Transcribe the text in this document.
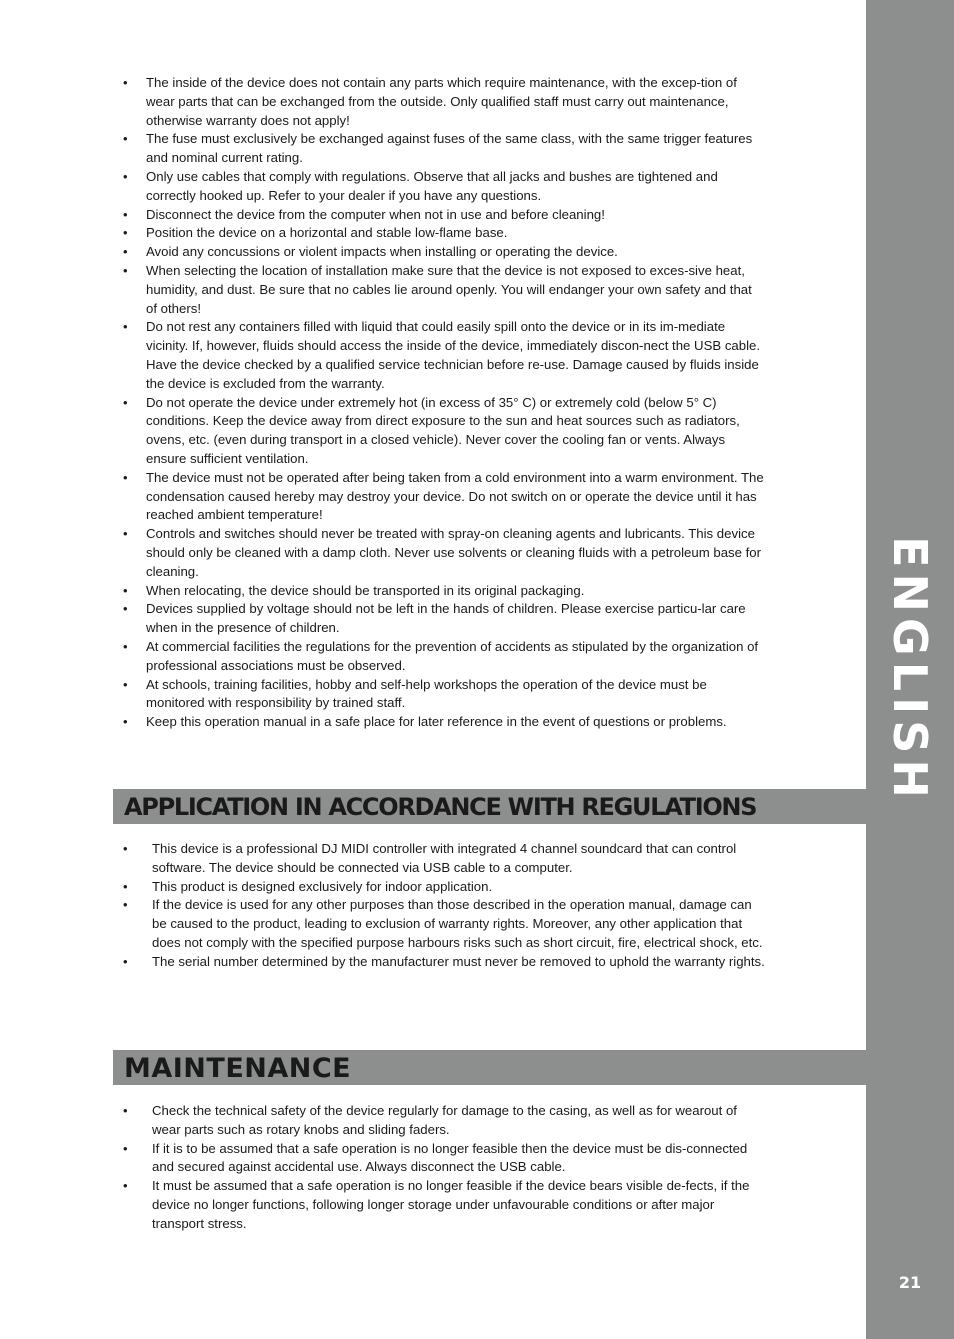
ENGLISH
21
• The inside of the device does not contain any parts which require maintenance, with the excep-tion of wear parts that can be exchanged from the outside. Only qualified staff must carry out maintenance, otherwise warranty does not apply!
• The fuse must exclusively be exchanged against fuses of the same class, with the same trigger features and nominal current rating.
• Only use cables that comply with regulations. Observe that all jacks and bushes are tightened and correctly hooked up. Refer to your dealer if you have any questions.
• Disconnect the device from the computer when not in use and before cleaning!
• Position the device on a horizontal and stable low-flame base.
• Avoid any concussions or violent impacts when installing or operating the device.
• When selecting the location of installation make sure that the device is not exposed to exces-sive heat, humidity, and dust. Be sure that no cables lie around openly. You will endanger your own safety and that of others!
• Do not rest any containers filled with liquid that could easily spill onto the device or in its im-mediate vicinity. If, however, fluids should access the inside of the device, immediately discon-nect the USB cable. Have the device checked by a qualified service technician before re-use. Damage caused by fluids inside the device is excluded from the warranty.
• Do not operate the device under extremely hot (in excess of 35° C) or extremely cold (below 5° C) conditions. Keep the device away from direct exposure to the sun and heat sources such as radiators, ovens, etc. (even during transport in a closed vehicle). Never cover the cooling fan or vents. Always ensure sufficient ventilation.
• The device must not be operated after being taken from a cold environment into a warm environment. The condensation caused hereby may destroy your device. Do not switch on or operate the device until it has reached ambient temperature!
• Controls and switches should never be treated with spray-on cleaning agents and lubricants. This device should only be cleaned with a damp cloth. Never use solvents or cleaning fluids with a petroleum base for cleaning.
• When relocating, the device should be transported in its original packaging.
• Devices supplied by voltage should not be left in the hands of children. Please exercise particu-lar care when in the presence of children.
• At commercial facilities the regulations for the prevention of accidents as stipulated by the organization of professional associations must be observed.
• At schools, training facilities, hobby and self-help workshops the operation of the device must be monitored with responsibility by trained staff.
• Keep this operation manual in a safe place for later reference in the event of questions or problems.
APPLICATION IN ACCORDANCE WITH REGULATIONS
• This device is a professional DJ MIDI controller with integrated 4 channel soundcard that can control software. The device should be connected via USB cable to a computer.
• This product is designed exclusively for indoor application.
• If the device is used for any other purposes than those described in the operation manual, damage can be caused to the product, leading to exclusion of warranty rights. Moreover, any other application that does not comply with the specified purpose harbours risks such as short circuit, fire, electrical shock, etc.
• The serial number determined by the manufacturer must never be removed to uphold the warranty rights.
MAINTENANCE
• Check the technical safety of the device regularly for damage to the casing, as well as for wearout of wear parts such as rotary knobs and sliding faders.
• If it is to be assumed that a safe operation is no longer feasible then the device must be dis-connected and secured against accidental use. Always disconnect the USB cable.
• It must be assumed that a safe operation is no longer feasible if the device bears visible de-fects, if the device no longer functions, following longer storage under unfavourable conditions or after major transport stress.
